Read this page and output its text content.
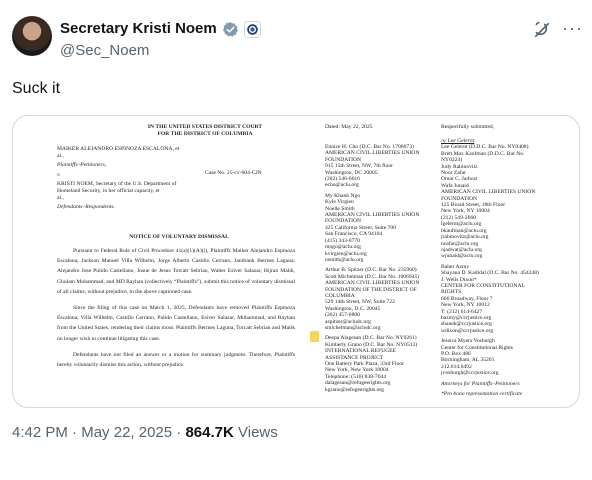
Secretary Kristi Noem
@Sec_Noem
···
Suck it
IN THE UNITED STATES DISTRICT COURT
FOR THE DISTRICT OF COLUMBIA
MAIKER ALEJANDRO ESPINOZA ESCALONA, et
al.,
Plaintiffs–Petitioners,
v.
KRISTI NOEM, Secretary of the U.S. Department of
Homeland Security, in her official capacity, et
al.,
Defendants–Respondents.
Case No. 25-cv-604-CJN
NOTICE OF VOLUNTARY DISMISSAL
Pursuant to Federal Rule of Civil Procedure 41(a)(1)(A)(i), Plaintiffs Maiker Alejandro Espinoza Escalona, Jackson Manuel Villa Wilhelm, Jorge Alberto Castillo Cerrano, Jandrank Betrnes Laguna, Alejandro Jose Pulido Castellano, Josue de Jesus Torcatt Sebrian, Walter Esiver Salazar, Hijran Malik, Ghulam Muhammad, and MD Rayhan (collectively “Plaintiffs”), submit this notice of voluntary dismissal of all claims, without prejudice, in the above captioned case.
Since the filing of this case on March 1, 2025, Defendants have removed Plaintiffs Espinoza Escalona, Villa Wilhelm, Castillo Cerrano, Pulido Castellano, Esiver Salazar, Muhammad, and Rayhan from the United States, rendering their claims moot. Plaintiffs Betrnes Laguna, Torcatt Sebrian and Malik no longer wish to continue litigating this case.
Defendants have not filed an answer or a motion for summary judgment. Therefore, Plaintiffs hereby voluntarily dismiss this action, without prejudice.
Dated: May 22, 2025	Respectfully submitted,
Eunice H. Cho (D.C. Bar No. 1708073)
AMERICAN CIVIL LIBERTIES UNION
FOUNDATION
915 15th Street, NW, 7th floor
Washington, DC 20005
(202) 546-6616
echo@aclu.org
My Khanh Ngo
Kyle Virgien
Noelle Smith
AMERICAN CIVIL LIBERTIES UNION
FOUNDATION
425 California Street, Suite 700
San Francisco, CA 94104
(415) 343-0770
mngo@aclu.org
kvirgien@aclu.org
nsmith@aclu.org
Arthur B. Spitzer (D.C. Bar No. 235960)
Scott Michelman (D.C. Bar No. 1006945)
AMERICAN CIVIL LIBERTIES UNION
FOUNDATION OF THE DISTRICT OF
COLUMBIA
529 14th Street, NW, Suite 722
Washington, D.C. 20045
(202) 457-0800
aspitzer@acludc.org
smichelman@acludc.org
Deepa Alagesan (D.C. Bar No. NY0261)
Kimberly Grano (D.C. Bar No. NY0512)
INTERNATIONAL REFUGEE
ASSISTANCE PROJECT
One Battery Park Plaza, 33rd Floor
New York, New York 10004
Telephone: (516) 838-7044
dalagesan@refugeerights.org
kgrano@refugeerights.org
/s/ Lee Gelernt
Lee Gelernt (D.D.C. Bar No. NY0408)
Brett Max Kaufman (D.D.C. Bar No.
NY0224)
Judy Rabinovitz
Noor Zafar
Omar C. Jadwat
Wafa Junaid
AMERICAN CIVIL LIBERTIES UNION
FOUNDATION
125 Broad Street, 18th Floor
New York, NY 10004
(212) 549-2660
lgelernt@aclu.org
bkaufman@aclu.org
jrabinovitz@aclu.org
nzafar@aclu.org
ojadwat@aclu.org
wjunaid@aclu.org
Baher Azmy
Shayana D. Kadidal (D.C. Bar No. 454248)
J. Wells Dixon*
CENTER FOR CONSTITUTIONAL
RIGHTS
666 Broadway, Floor 7
New York, NY 10012
T: (212) 614-6427
bazmy@ccrjustice.org
shanek@ccrjustice.org
wdixon@ccrjustice.org
Jessica Myers Vosburgh
Center for Constitutional Rights
P.O. Box 486
Birmingham, AL 35201
212.614.6492
jvosburgh@ccrjustice.org
Attorneys for Plaintiffs–Petitioners
*Pro bono representation certificate
4:42 PM · May 22, 2025 · 864.7K Views
